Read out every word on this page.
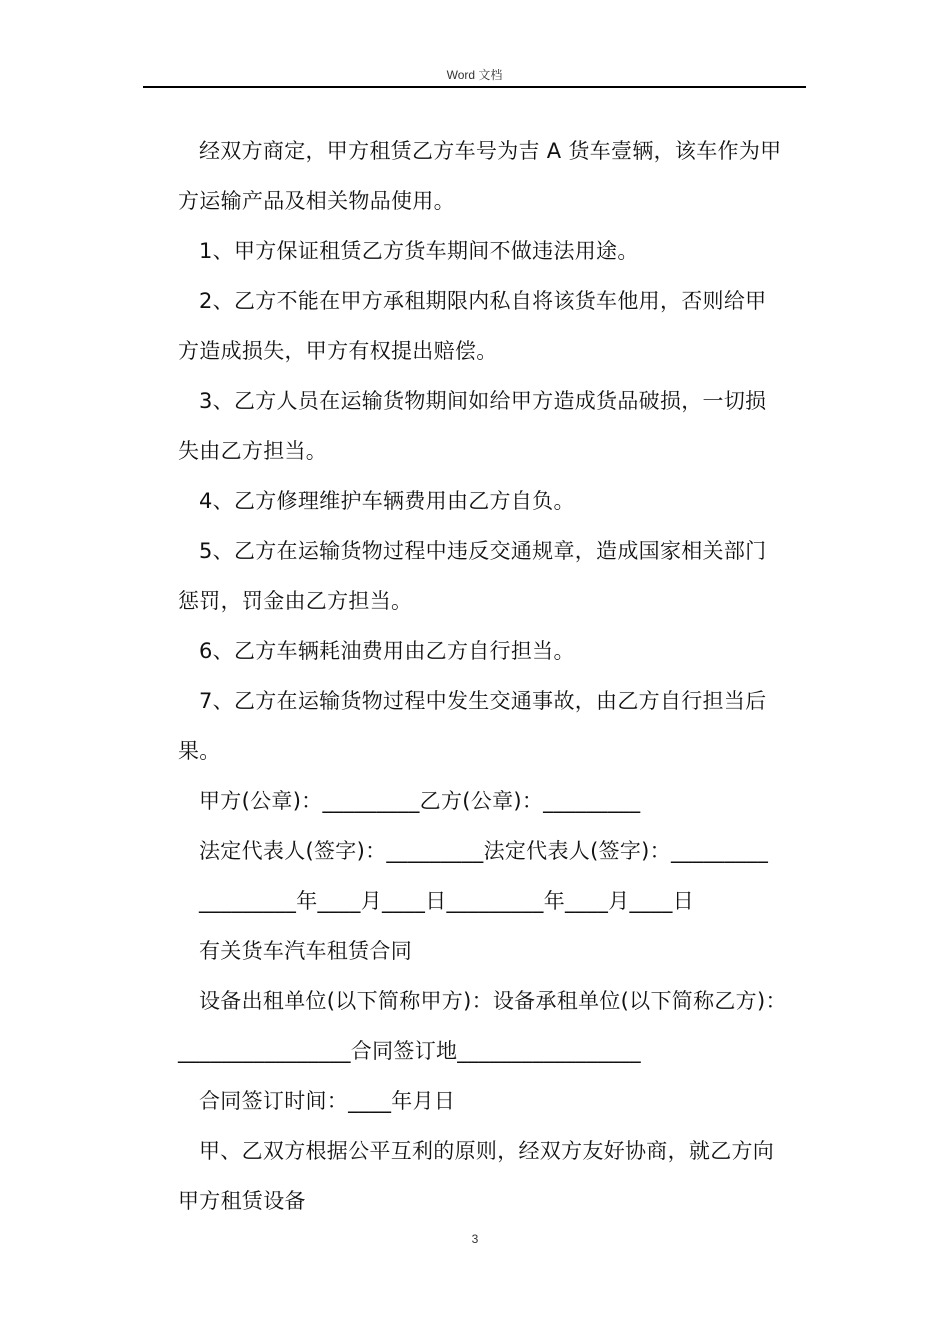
Word 文档

经双方商定，甲方租赁乙方车号为吉 A 货车壹辆，该车作为甲

方运输产品及相关物品使用。

1、甲方保证租赁乙方货车期间不做违法用途。

2、乙方不能在甲方承租期限内私自将该货车他用，否则给甲

方造成损失，甲方有权提出赔偿。

3、乙方人员在运输货物期间如给甲方造成货品破损，一切损

失由乙方担当。

4、乙方修理维护车辆费用由乙方自负。

5、乙方在运输货物过程中违反交通规章，造成国家相关部门

惩罚，罚金由乙方担当。

6、乙方车辆耗油费用由乙方自行担当。

7、乙方在运输货物过程中发生交通事故，由乙方自行担当后

果。

甲方(公章)：_________乙方(公章)：_________

法定代表人(签字)：_________法定代表人(签字)：_________

_________年____月____日_________年____月____日

有关货车汽车租赁合同

设备出租单位(以下简称甲方)：设备承租单位(以下简称乙方)：

________________合同签订地_________________

合同签订时间：____年月日

甲、乙双方根据公平互利的原则，经双方友好协商，就乙方向

甲方租赁设备

3
